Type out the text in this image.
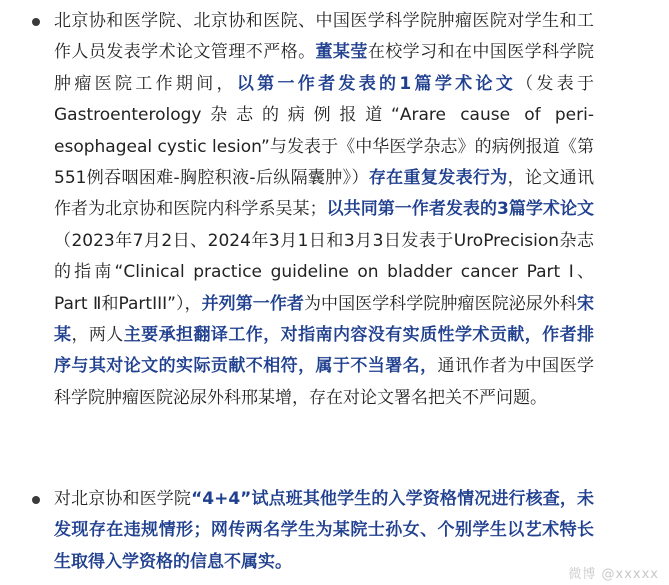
北京协和医学院、北京协和医院、中国医学科学院肿瘤医院对学生和工作人员发表学术论文管理不严格。董某莹在校学习和在中国医学科学院肿瘤医院工作期间，以第一作者发表的1篇学术论文（发表于Gastroenterology杂志的病例报道“Arare cause of peri- esophageal cystic lesion”与发表于《中华医学杂志》的病例报道《第 551例吞咽困难-胸腔积液-后纵隔囊肿》）存在重复发表行为，论文通讯作者为北京协和医院内科学系吴某；以共同第一作者发表的3篇学术论文（2023年7月2日、2024年3月1日和3月3日发表于UroPrecision杂志的指南“Clinical practice guideline on bladder cancer Part Ⅰ、 Part Ⅱ和PartIII”），并列第一作者为中国医学科学院肿瘤医院泌尿外科宋某，两人主要承担翻译工作，对指南内容没有实质性学术贡献，作者排序与其对论文的实际贡献不相符，属于不当署名，通讯作者为中国医学科学院肿瘤医院泌尿外科邢某增，存在对论文署名把关不严问题。
对北京协和医学院“4+4”试点班其他学生的入学资格情况进行核查，未发现存在违规情形；网传两名学生为某院士孙女、个别学生以艺术特长生取得入学资格的信息不属实。
微博 @xxxxx
